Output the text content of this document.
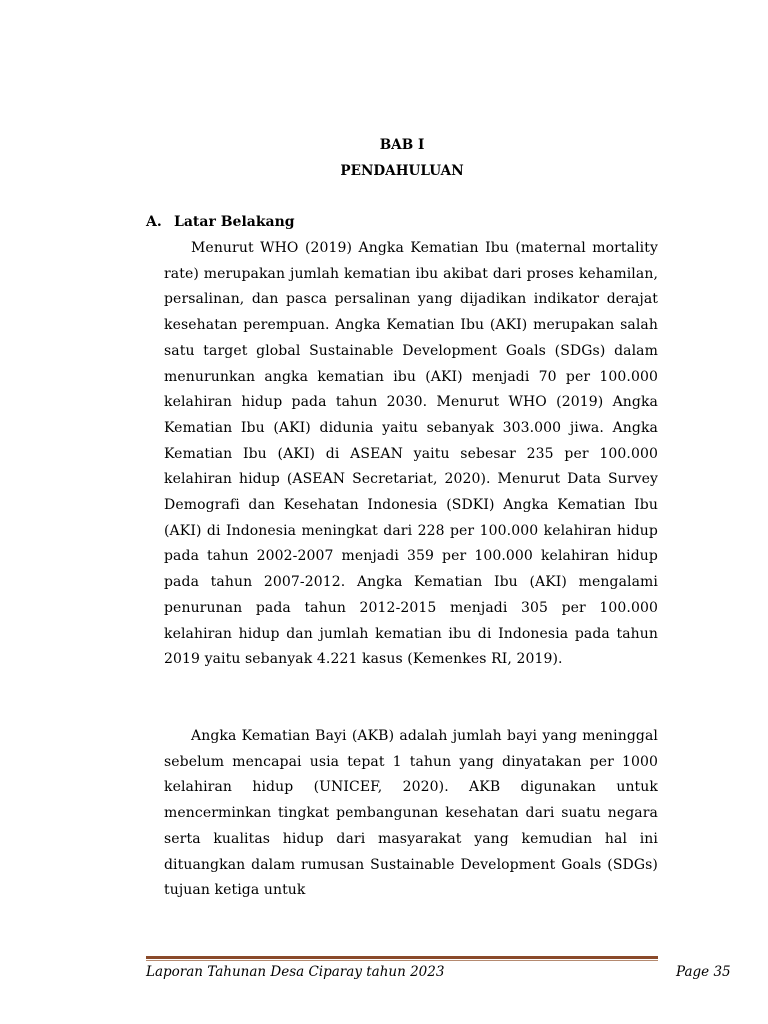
BAB I
PENDAHULUAN
A. Latar Belakang

Menurut WHO (2019) Angka Kematian Ibu (maternal mortality rate) merupakan jumlah kematian ibu akibat dari proses kehamilan, persalinan, dan pasca persalinan yang dijadikan indikator derajat kesehatan perempuan. Angka Kematian Ibu (AKI) merupakan salah satu target global Sustainable Development Goals (SDGs) dalam menurunkan angka kematian ibu (AKI) menjadi 70 per 100.000 kelahiran hidup pada tahun 2030. Menurut WHO (2019) Angka Kematian Ibu (AKI) didunia yaitu sebanyak 303.000 jiwa. Angka Kematian Ibu (AKI) di ASEAN yaitu sebesar 235 per 100.000 kelahiran hidup (ASEAN Secretariat, 2020). Menurut Data Survey Demografi dan Kesehatan Indonesia (SDKI) Angka Kematian Ibu (AKI) di Indonesia meningkat dari 228 per 100.000 kelahiran hidup pada tahun 2002-2007 menjadi 359 per 100.000 kelahiran hidup pada tahun 2007-2012. Angka Kematian Ibu (AKI) mengalami penurunan pada tahun 2012-2015 menjadi 305 per 100.000 kelahiran hidup dan jumlah kematian ibu di Indonesia pada tahun 2019 yaitu sebanyak 4.221 kasus (Kemenkes RI, 2019).

Angka Kematian Bayi (AKB) adalah jumlah bayi yang meninggal sebelum mencapai usia tepat 1 tahun yang dinyatakan per 1000 kelahiran hidup (UNICEF, 2020). AKB digunakan untuk mencerminkan tingkat pembangunan kesehatan dari suatu negara serta kualitas hidup dari masyarakat yang kemudian hal ini dituangkan dalam rumusan Sustainable Development Goals (SDGs) tujuan ketiga untuk

Laporan Tahunan Desa Ciparay tahun 2023	Page 35
